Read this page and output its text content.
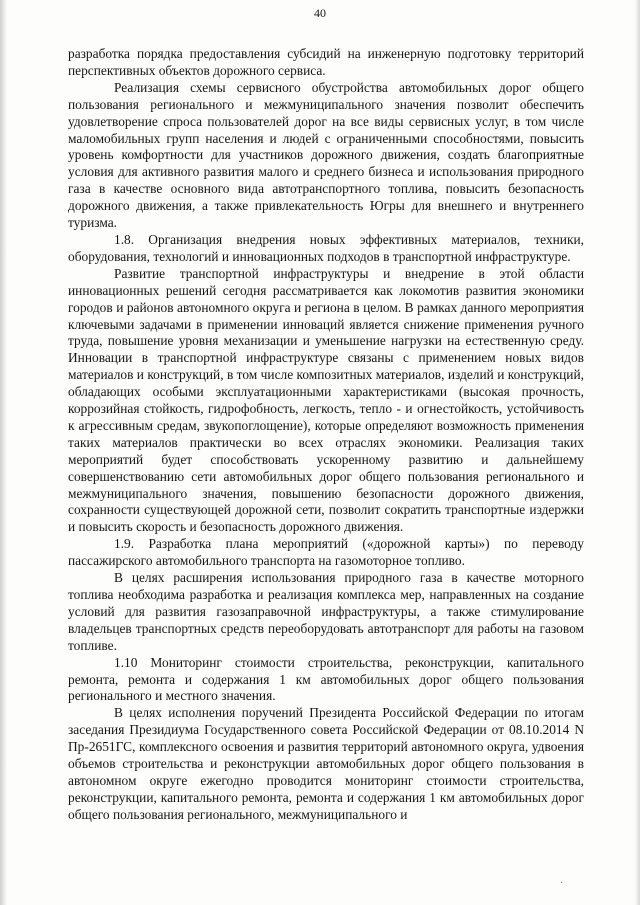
40

разработка порядка предоставления субсидий на инженерную подготовку территорий перспективных объектов дорожного сервиса.

Реализация схемы сервисного обустройства автомобильных дорог общего пользования регионального и межмуниципального значения позволит обеспечить удовлетворение спроса пользователей дорог на все виды сервисных услуг, в том числе маломобильных групп населения и людей с ограниченными способностями, повысить уровень комфортности для участников дорожного движения, создать благоприятные условия для активного развития малого и среднего бизнеса и использования природного газа в качестве основного вида автотранспортного топлива, повысить безопасность дорожного движения, а также привлекательность Югры для внешнего и внутреннего туризма.

1.8. Организация внедрения новых эффективных материалов, техники, оборудования, технологий и инновационных подходов в транспортной инфраструктуре.

Развитие транспортной инфраструктуры и внедрение в этой области инновационных решений сегодня рассматривается как локомотив развития экономики городов и районов автономного округа и региона в целом. В рамках данного мероприятия ключевыми задачами в применении инноваций является снижение применения ручного труда, повышение уровня механизации и уменьшение нагрузки на естественную среду. Инновации в транспортной инфраструктуре связаны с применением новых видов материалов и конструкций, в том числе композитных материалов, изделий и конструкций, обладающих особыми эксплуатационными характеристиками (высокая прочность, коррозийная стойкость, гидрофобность, легкость, тепло - и огнестойкость, устойчивость к агрессивным средам, звукопоглощение), которые определяют возможность применения таких материалов практически во всех отраслях экономики. Реализация таких мероприятий будет способствовать ускоренному развитию и дальнейшему совершенствованию сети автомобильных дорог общего пользования регионального и межмуниципального значения, повышению безопасности дорожного движения, сохранности существующей дорожной сети, позволит сократить транспортные издержки и повысить скорость и безопасность дорожного движения.

1.9. Разработка плана мероприятий («дорожной карты») по переводу пассажирского автомобильного транспорта на газомоторное топливо.

В целях расширения использования природного газа в качестве моторного топлива необходима разработка и реализация комплекса мер, направленных на создание условий для развития газозаправочной инфраструктуры, а также стимулирование владельцев транспортных средств переоборудовать автотранспорт для работы на газовом топливе.

1.10 Мониторинг стоимости строительства, реконструкции, капитального ремонта, ремонта и содержания 1 км автомобильных дорог общего пользования регионального и местного значения.

В целях исполнения поручений Президента Российской Федерации по итогам заседания Президиума Государственного совета Российской Федерации от 08.10.2014 N Пр-2651ГС, комплексного освоения и развития территорий автономного округа, удвоения объемов строительства и реконструкции автомобильных дорог общего пользования в автономном округе ежегодно проводится мониторинг стоимости строительства, реконструкции, капитального ремонта, ремонта и содержания 1 км автомобильных дорог общего пользования регионального, межмуниципального и

·
